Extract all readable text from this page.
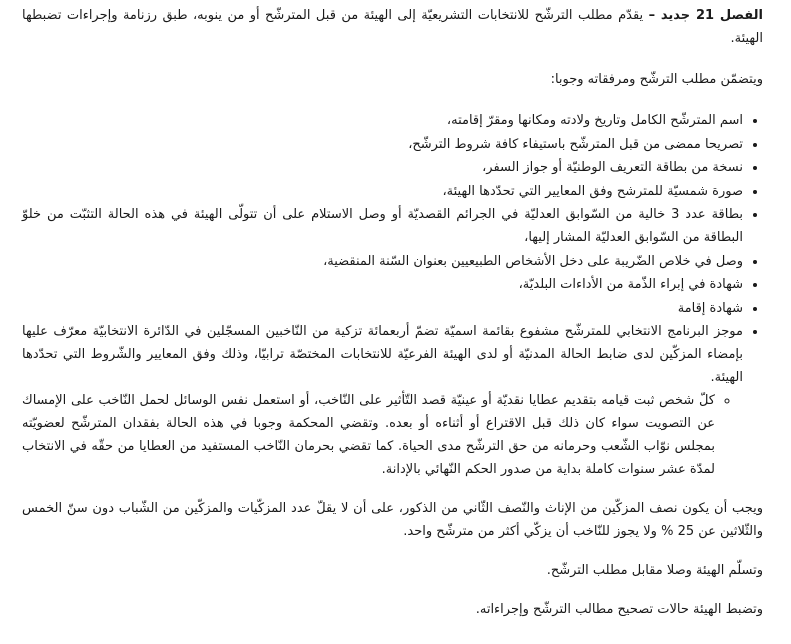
الفصل 21 جديد – يقدّم مطلب الترشّح للانتخابات التشريعيّة إلى الهيئة من قبل المترشّح أو من ينوبه، طبق رزنامة وإجراءات تضبطها الهيئة.

ويتضمّن مطلب الترشّح ومرفقاته وجوبا:

• اسم المترشّح الكامل وتاريخ ولادته ومكانها ومقرّ إقامته،
• تصريحا ممضى من قبل المترشّح باستيفاء كافة شروط الترشّح،
• نسخة من بطاقة التعريف الوطنيّة أو جواز السفر،
• صورة شمسيّة للمترشح وفق المعايير التي تحدّدها الهيئة،
• بطاقة عدد 3 خالية من السّوابق العدليّة في الجرائم القصديّة أو وصل الاستلام على أن تتولّى الهيئة في هذه الحالة التثبّت من خلوّ البطاقة من السّوابق العدليّة المشار إليها،
• وصل في خلاص الضّريبة على دخل الأشخاص الطبيعيين بعنوان السّنة المنقضية،
• شهادة في إبراء الذّمة من الأداءات البلديّة،
• شهادة إقامة
• موجز البرنامج الانتخابي للمترشّح مشفوع بقائمة اسميّة تضمّ أربعمائة تزكية من النّاخبين المسجّلين في الدّائرة الانتخابيّة معرّف عليها بإمضاء المزكّين لدى ضابط الحالة المدنيّة أو لدى الهيئة الفرعيّة للانتخابات المختصّة ترابيّا، وذلك وفق المعايير والشّروط التي تحدّدها الهيئة.
◦ كلّ شخص ثبت قيامه بتقديم عطايا نقديّة أو عينيّة قصد التّأثير على النّاخب، أو استعمل نفس الوسائل لحمل النّاخب على الإمساك عن التصويت سواء كان ذلك قبل الاقتراع أو أثناءه أو بعده. وتقضي المحكمة وجوبا في هذه الحالة بفقدان المترشّح لعضويّته بمجلس نوّاب الشّعب وحرمانه من حق الترشّح مدى الحياة. كما تقضي بحرمان النّاخب المستفيد من العطايا من حقّه في الانتخاب لمدّة عشر سنوات كاملة بداية من صدور الحكم النّهائي بالإدانة.

ويجب أن يكون نصف المزكّين من الإناث والنّصف الثّاني من الذكور، على أن لا يقلّ عدد المزكّيات والمزكّين من الشّباب دون سنّ الخمس والثّلاثين عن 25 % ولا يجوز للنّاخب أن يزكّي أكثر من مترشّح واحد.

وتسلّم الهيئة وصلا مقابل مطلب الترشّح.

وتضبط الهيئة حالات تصحيح مطالب الترشّح وإجراءاته.
